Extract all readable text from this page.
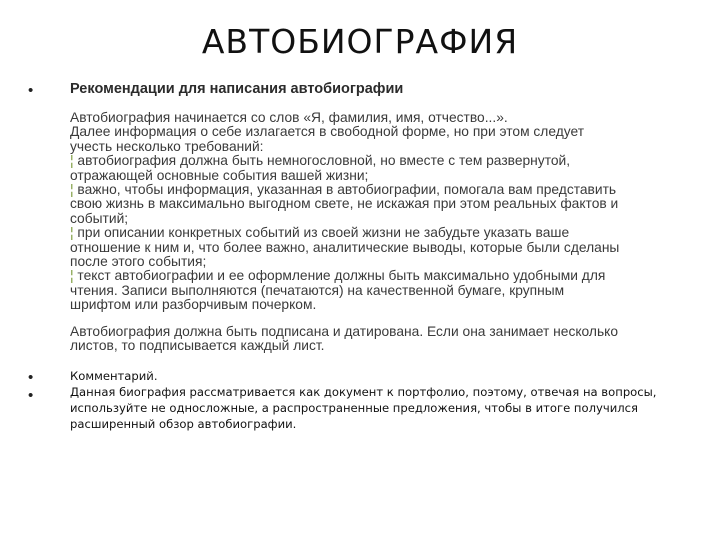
АВТОБИОГРАФИЯ
•	Рекомендации для написания автобиографии
Автобиография начинается со слов «Я, фамилия, имя, отчество...».
Далее информация о себе излагается в свободной форме, но при этом следует
учесть несколько требований:
¦ автобиография должна быть немногословной, но вместе с тем развернутой,
отражающей основные события вашей жизни;
¦ важно, чтобы информация, указанная в автобиографии, помогала вам представить
свою жизнь в максимально выгодном свете, не искажая при этом реальных фактов и
событий;
¦ при описании конкретных событий из своей жизни не забудьте указать ваше
отношение к ним и, что более важно, аналитические выводы, которые были сделаны
после этого события;
¦ текст автобиографии и ее оформление должны быть максимально удобными для
чтения. Записи выполняются (печатаются) на качественной бумаге, крупным
шрифтом или разборчивым почерком.
Автобиография должна быть подписана и датирована. Если она занимает несколько
листов, то подписывается каждый лист.
•
•
Комментарий.
Данная биография рассматривается как документ к портфолио, поэтому, отвечая на вопросы,
используйте не односложные, а распространенные предложения, чтобы в итоге получился
расширенный обзор автобиографии.
